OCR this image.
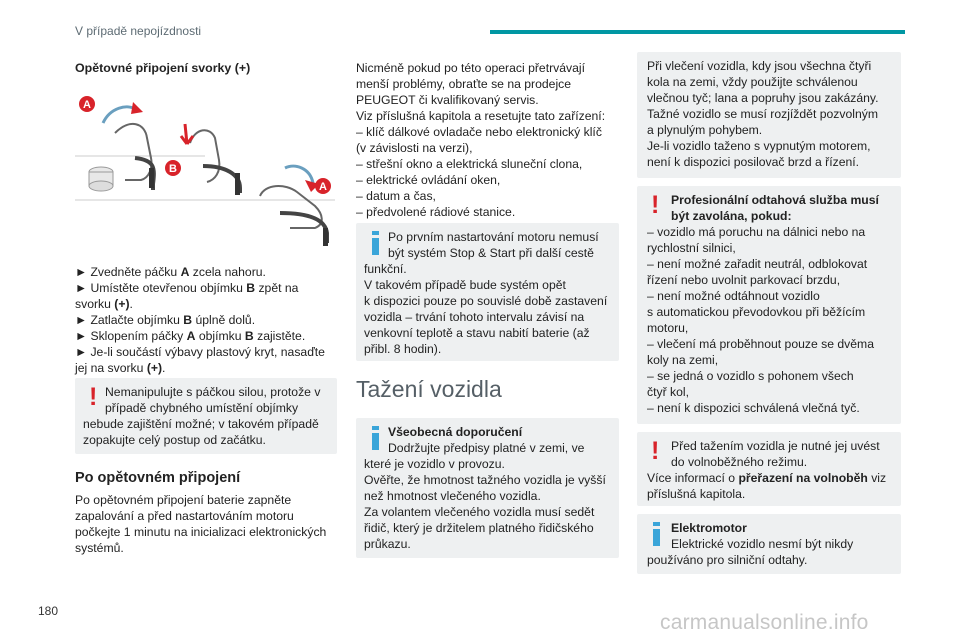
V případě nepojízdnosti

Opětovné připojení svorky (+)

A
B
A

► Zvedněte páčku A zcela nahoru.

► Umístěte otevřenou objímku B zpět na

svorku (+).

► Zatlačte objímku B úplně dolů.

► Sklopením páčky A objímku B zajistěte.

► Je-li součástí výbavy plastový kryt, nasaďte

jej na svorku (+).

! Nemanipulujte s páčkou silou, protože v
případě chybného umístění objímky
nebude zajištění možné; v takovém případě
zopakujte celý postup od začátku.

Po opětovném připojení

Po opětovném připojení baterie zapněte
zapalování a před nastartováním motoru
počkejte 1 minutu na inicializaci elektronických
systémů.

Nicméně pokud po této operaci přetrvávají
menší problémy, obraťte se na prodejce
PEUGEOT či kvalifikovaný servis.
Viz příslušná kapitola a resetujte tato zařízení:
– klíč dálkové ovladače nebo elektronický klíč
(v závislosti na verzi),
– střešní okno a elektrická sluneční clona,
– elektrické ovládání oken,
– datum a čas,
– předvolené rádiové stanice.

Po prvním nastartování motoru nemusí
být systém Stop & Start při další cestě
funkční.
V takovém případě bude systém opět
k dispozici pouze po souvislé době zastavení
vozidla – trvání tohoto intervalu závisí na
venkovní teplotě a stavu nabití baterie (až
přibl. 8 hodin).

Tažení vozidla

Všeobecná doporučení
Dodržujte předpisy platné v zemi, ve
které je vozidlo v provozu.
Ověřte, že hmotnost tažného vozidla je vyšší
než hmotnost vlečeného vozidla.
Za volantem vlečeného vozidla musí sedět
řidič, který je držitelem platného řidičského
průkazu.
Při vlečení vozidla, kdy jsou všechna čtyři
kola na zemi, vždy použijte schválenou
vlečnou tyč; lana a popruhy jsou zakázány.
Tažné vozidlo se musí rozjíždět pozvolným
a plynulým pohybem.
Je-li vozidlo taženo s vypnutým motorem,
není k dispozici posilovač brzd a řízení.
! Profesionální odtahová služba musí
být zavolána, pokud:
– vozidlo má poruchu na dálnici nebo na
rychlostní silnici,
– není možné zařadit neutrál, odblokovat
řízení nebo uvolnit parkovací brzdu,
– není možné odtáhnout vozidlo
s automatickou převodovkou při běžícím
motoru,
– vlečení má proběhnout pouze se dvěma
koly na zemi,
– se jedná o vozidlo s pohonem všech
čtyř kol,
– není k dispozici schválená vlečná tyč.
! Před tažením vozidla je nutné jej uvést
do volnoběžného režimu.
Více informací o přeřazení na volnoběh viz
příslušná kapitola.
Elektromotor
Elektrické vozidlo nesmí být nikdy
používáno pro silniční odtahy.
180	carmanualsonline.info
